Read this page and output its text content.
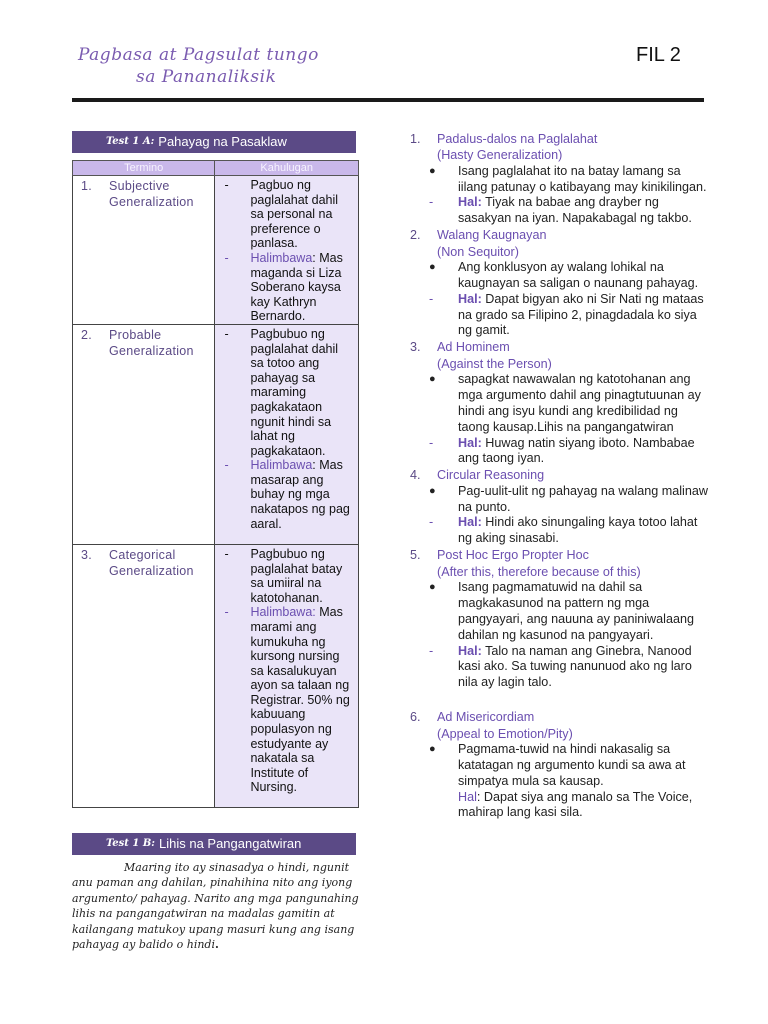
Pagbasa at Pagsulat tungo
sa Pananaliksik
FIL 2
Test 1 A: Pahayag na Pasaklaw
Termino	Kahulugan
1. Subjective Generalization	- Pagbuo ng paglalahat dahil sa personal na preference o panlasa.
- Halimbawa: Mas maganda si Liza Soberano kaysa kay Kathryn Bernardo.

2. Probable Generalization	- Pagbubuo ng paglalahat dahil sa totoo ang pahayag sa maraming pagkakataon ngunit hindi sa lahat ng pagkakataon.
- Halimbawa: Mas masarap ang buhay ng mga nakatapos ng pag aaral.

3. Categorical Generalization	- Pagbubuo ng paglalahat batay sa umiiral na katotohanan.
- Halimbawa: Mas marami ang kumukuha ng kursong nursing sa kasalukuyan ayon sa talaan ng Registrar. 50% ng kabuuang populasyon ng estudyante ay nakatala sa Institute of Nursing.
Test 1 B: Lihis na Pangangatwiran
Maaring ito ay sinasadya o hindi, ngunit anu paman ang dahilan, pinahihina nito ang iyong argumento/ pahayag. Narito ang mga pangunahing lihis na pangangatwiran na madalas gamitin at kailangang matukoy upang masuri kung ang isang pahayag ay balido o hindi.
1. Padalus-dalos na Paglalahat
(Hasty Generalization)
● Isang paglalahat ito na batay lamang sa iilang patunay o katibayang may kinikilingan.
- Hal: Tiyak na babae ang drayber ng sasakyan na iyan. Napakabagal ng takbo.
2. Walang Kaugnayan
(Non Sequitor)
● Ang konklusyon ay walang lohikal na kaugnayan sa saligan o naunang pahayag.
- Hal: Dapat bigyan ako ni Sir Nati ng mataas na grado sa Filipino 2, pinagdadala ko siya ng gamit.
3. Ad Hominem
(Against the Person)
● sapagkat nawawalan ng katotohanan ang mga argumento dahil ang pinagtutuunan ay hindi ang isyu kundi ang kredibilidad ng taong kausap.Lihis na pangangatwiran
- Hal: Huwag natin siyang iboto. Nambabae ang taong iyan.
4. Circular Reasoning
● Pag-uulit-ulit ng pahayag na walang malinaw na punto.
- Hal: Hindi ako sinungaling kaya totoo lahat ng aking sinasabi.
5. Post Hoc Ergo Propter Hoc
(After this, therefore because of this)
● Isang pagmamatuwid na dahil sa magkakasunod na pattern ng mga pangyayari, ang nauuna ay paniniwalaang dahilan ng kasunod na pangyayari.
- Hal: Talo na naman ang Ginebra, Nanood kasi ako. Sa tuwing nanunuod ako ng laro nila ay lagin talo.
6. Ad Misericordiam
(Appeal to Emotion/Pity)
● Pagmama-tuwid na hindi nakasalig sa katatagan ng argumento kundi sa awa at simpatya mula sa kausap.
Hal: Dapat siya ang manalo sa The Voice, mahirap lang kasi sila.
